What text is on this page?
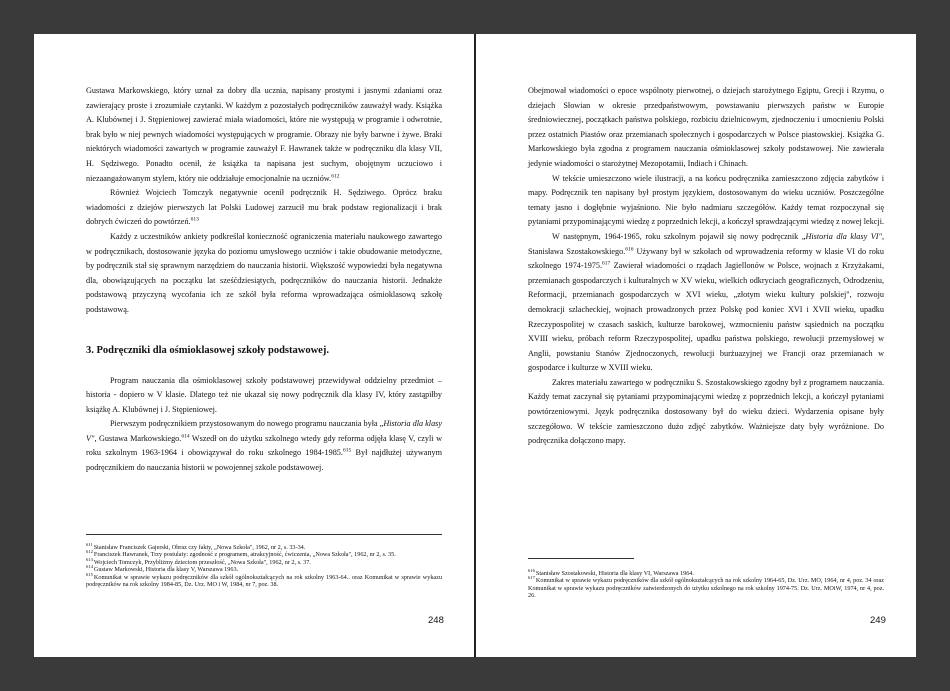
Gustawa Markowskiego, który uznał za dobry dla ucznia, napisany prostymi i jasnymi zdaniami oraz zawierający proste i zrozumiałe czytanki. W każdym z pozostałych podręczników zauważył wady. Książka A. Klubównej i J. Stępieniowej zawierać miała wiadomości, które nie występują w programie i odwrotnie, brak było w niej pewnych wiadomości występujących w programie. Obrazy nie były barwne i żywe. Braki niektórych wiadomości zawartych w programie zauważył F. Hawranek także w podręczniku dla klasy VII, H. Sędziwego. Ponadto ocenił, że książka ta napisana jest suchym, obojętnym uczuciowo i niezaangażowanym stylem, który nie oddziałuje emocjonalnie na uczniów.$^{612}$

Również Wojciech Tomczyk negatywnie ocenił podręcznik H. Sędziwego. Oprócz braku wiadomości z dziejów pierwszych lat Polski Ludowej zarzucił mu brak podstaw regionalizacji i brak dobrych ćwiczeń do powtórzeń.$^{613}$

Każdy z uczestników ankiety podkreślał konieczność ograniczenia materiału naukowego zawartego w podręcznikach, dostosowanie języka do poziomu umysłowego uczniów i takie obudowanie metodyczne, by podręcznik stał się sprawnym narzędziem do nauczania historii. Większość wypowiedzi była negatywna dla, obowiązujących na początku lat sześćdziesiątych, podręczników do nauczania historii. Jednakże podstawową przyczyną wycofania ich ze szkół była reforma wprowadzająca ośmioklasową szkołę podstawową.

3. Podręczniki dla ośmioklasowej szkoły podstawowej.

Program nauczania dla ośmioklasowej szkoły podstawowej przewidywał oddzielny przedmiot – historia - dopiero w V klasie. Dlatego też nie ukazał się nowy podręcznik dla klasy IV, który zastąpiłby książkę A. Klubównej i J. Stępieniowej.

Pierwszym podręcznikiem przystosowanym do nowego programu nauczania była „Historia dla klasy V", Gustawa Markowskiego.$^{614}$ Wszedł on do użytku szkolnego wtedy gdy reforma odjęła klasę V, czyli w roku szkolnym 1963-1964 i obowiązywał do roku szkolnego 1984-1985.$^{615}$ Był najdłużej używanym podręcznikiem do nauczania historii w powojennej szkole podstawowej.

$^{611}$Stanisław Franciszek Gajerski, Obraz czy fakty, „Nowa Szkoła", 1962, nr 2, s. 33-34.
$^{612}$Franciszek Hawranek, Trzy postulaty: zgodność z programem, atrakcyjność, ćwiczenia, „Nowa Szkoła", 1962, nr 2, s. 35.
$^{613}$Wojciech Tomczyk, Przybliżmy dzieciom przeszłość, „Nowa Szkoła", 1962, nr 2, s. 37.
$^{614}$Gustaw Markowski, Historia dla klasy V, Warszawa 1963.
$^{615}$Komunikat w sprawie wykazu podręczników dla szkół ogólnokształcących na rok szkolny 1963-64.. oraz Komunikat w sprawie wykazu podręczników na rok szkolny 1984-85, Dz. Urz. MO i W, 1984, nr 7, poz. 38.
248

Obejmował wiadomości o epoce wspólnoty pierwotnej, o dziejach starożytnego Egiptu, Grecji i Rzymu, o dziejach Słowian w okresie przedpaństwowym, powstawaniu pierwszych państw w Europie średniowiecznej, początkach państwa polskiego, rozbiciu dzielnicowym, zjednoczeniu i umocnieniu Polski przez ostatnich Piastów oraz przemianach społecznych i gospodarczych w Polsce piastowskiej. Książka G. Markowskiego była zgodna z programem nauczania ośmioklasowej szkoły podstawowej. Nie zawierała jedynie wiadomości o starożytnej Mezopotamii, Indiach i Chinach.

W tekście umieszczono wiele ilustracji, a na końcu podręcznika zamieszczono zdjęcia zabytków i mapy. Podręcznik ten napisany był prostym językiem, dostosowanym do wieku uczniów. Poszczególne tematy jasno i dogłębnie wyjaśniono. Nie było nadmiaru szczegółów. Każdy temat rozpoczynał się pytaniami przypominającymi wiedzę z poprzednich lekcji, a kończył sprawdzającymi wiedzę z nowej lekcji.

W następnym, 1964-1965, roku szkolnym pojawił się nowy podręcznik „Historia dla klasy VI", Stanisława Szostakowskiego.$^{616}$ Używany był w szkołach od wprowadzenia reformy w klasie VI do roku szkolnego 1974-1975.$^{617}$ Zawierał wiadomości o rządach Jagiellonów w Polsce, wojnach z Krzyżakami, przemianach gospodarczych i kulturalnych w XV wieku, wielkich odkryciach geograficznych, Odrodzeniu, Reformacji, przemianach gospodarczych w XVI wieku, „złotym wieku kultury polskiej", rozwoju demokracji szlacheckiej, wojnach prowadzonych przez Polskę pod koniec XVI i XVII wieku, upadku Rzeczypospolitej w czasach saskich, kulturze barokowej, wzmocnieniu państw sąsiednich na początku XVIII wieku, próbach reform Rzeczypospolitej, upadku państwa polskiego, rewolucji przemysłowej w Anglii, powstaniu Stanów Zjednoczonych, rewolucji burżuazyjnej we Francji oraz przemianach w gospodarce i kulturze w XVIII wieku.

Zakres materiału zawartego w podręczniku S. Szostakowskiego zgodny był z programem nauczania. Każdy temat zaczynał się pytaniami przypominającymi wiedzę z poprzednich lekcji, a kończył pytaniami powtórzeniowymi. Język podręcznika dostosowany był do wieku dzieci. Wydarzenia opisane były szczegółowo. W tekście zamieszczono dużo zdjęć zabytków. Ważniejsze daty były wyróżnione. Do podręcznika dołączono mapy.

$^{616}$Stanisław Szostakowski, Historia dla klasy VI, Warszawa 1964.
$^{617}$Komunikat w sprawie wykazu podręczników dla szkół ogólnokształcących na rok szkolny 1964-65, Dz. Urz. MO, 1964, nr 4, poz. 34 oraz Komunikat w sprawie wykazu podręczników zatwierdzonych do użytku szkolnego na rok szkolny 1974-75. Dz. Urz. MOiW, 1974, nr 4, poz. 26.
249
